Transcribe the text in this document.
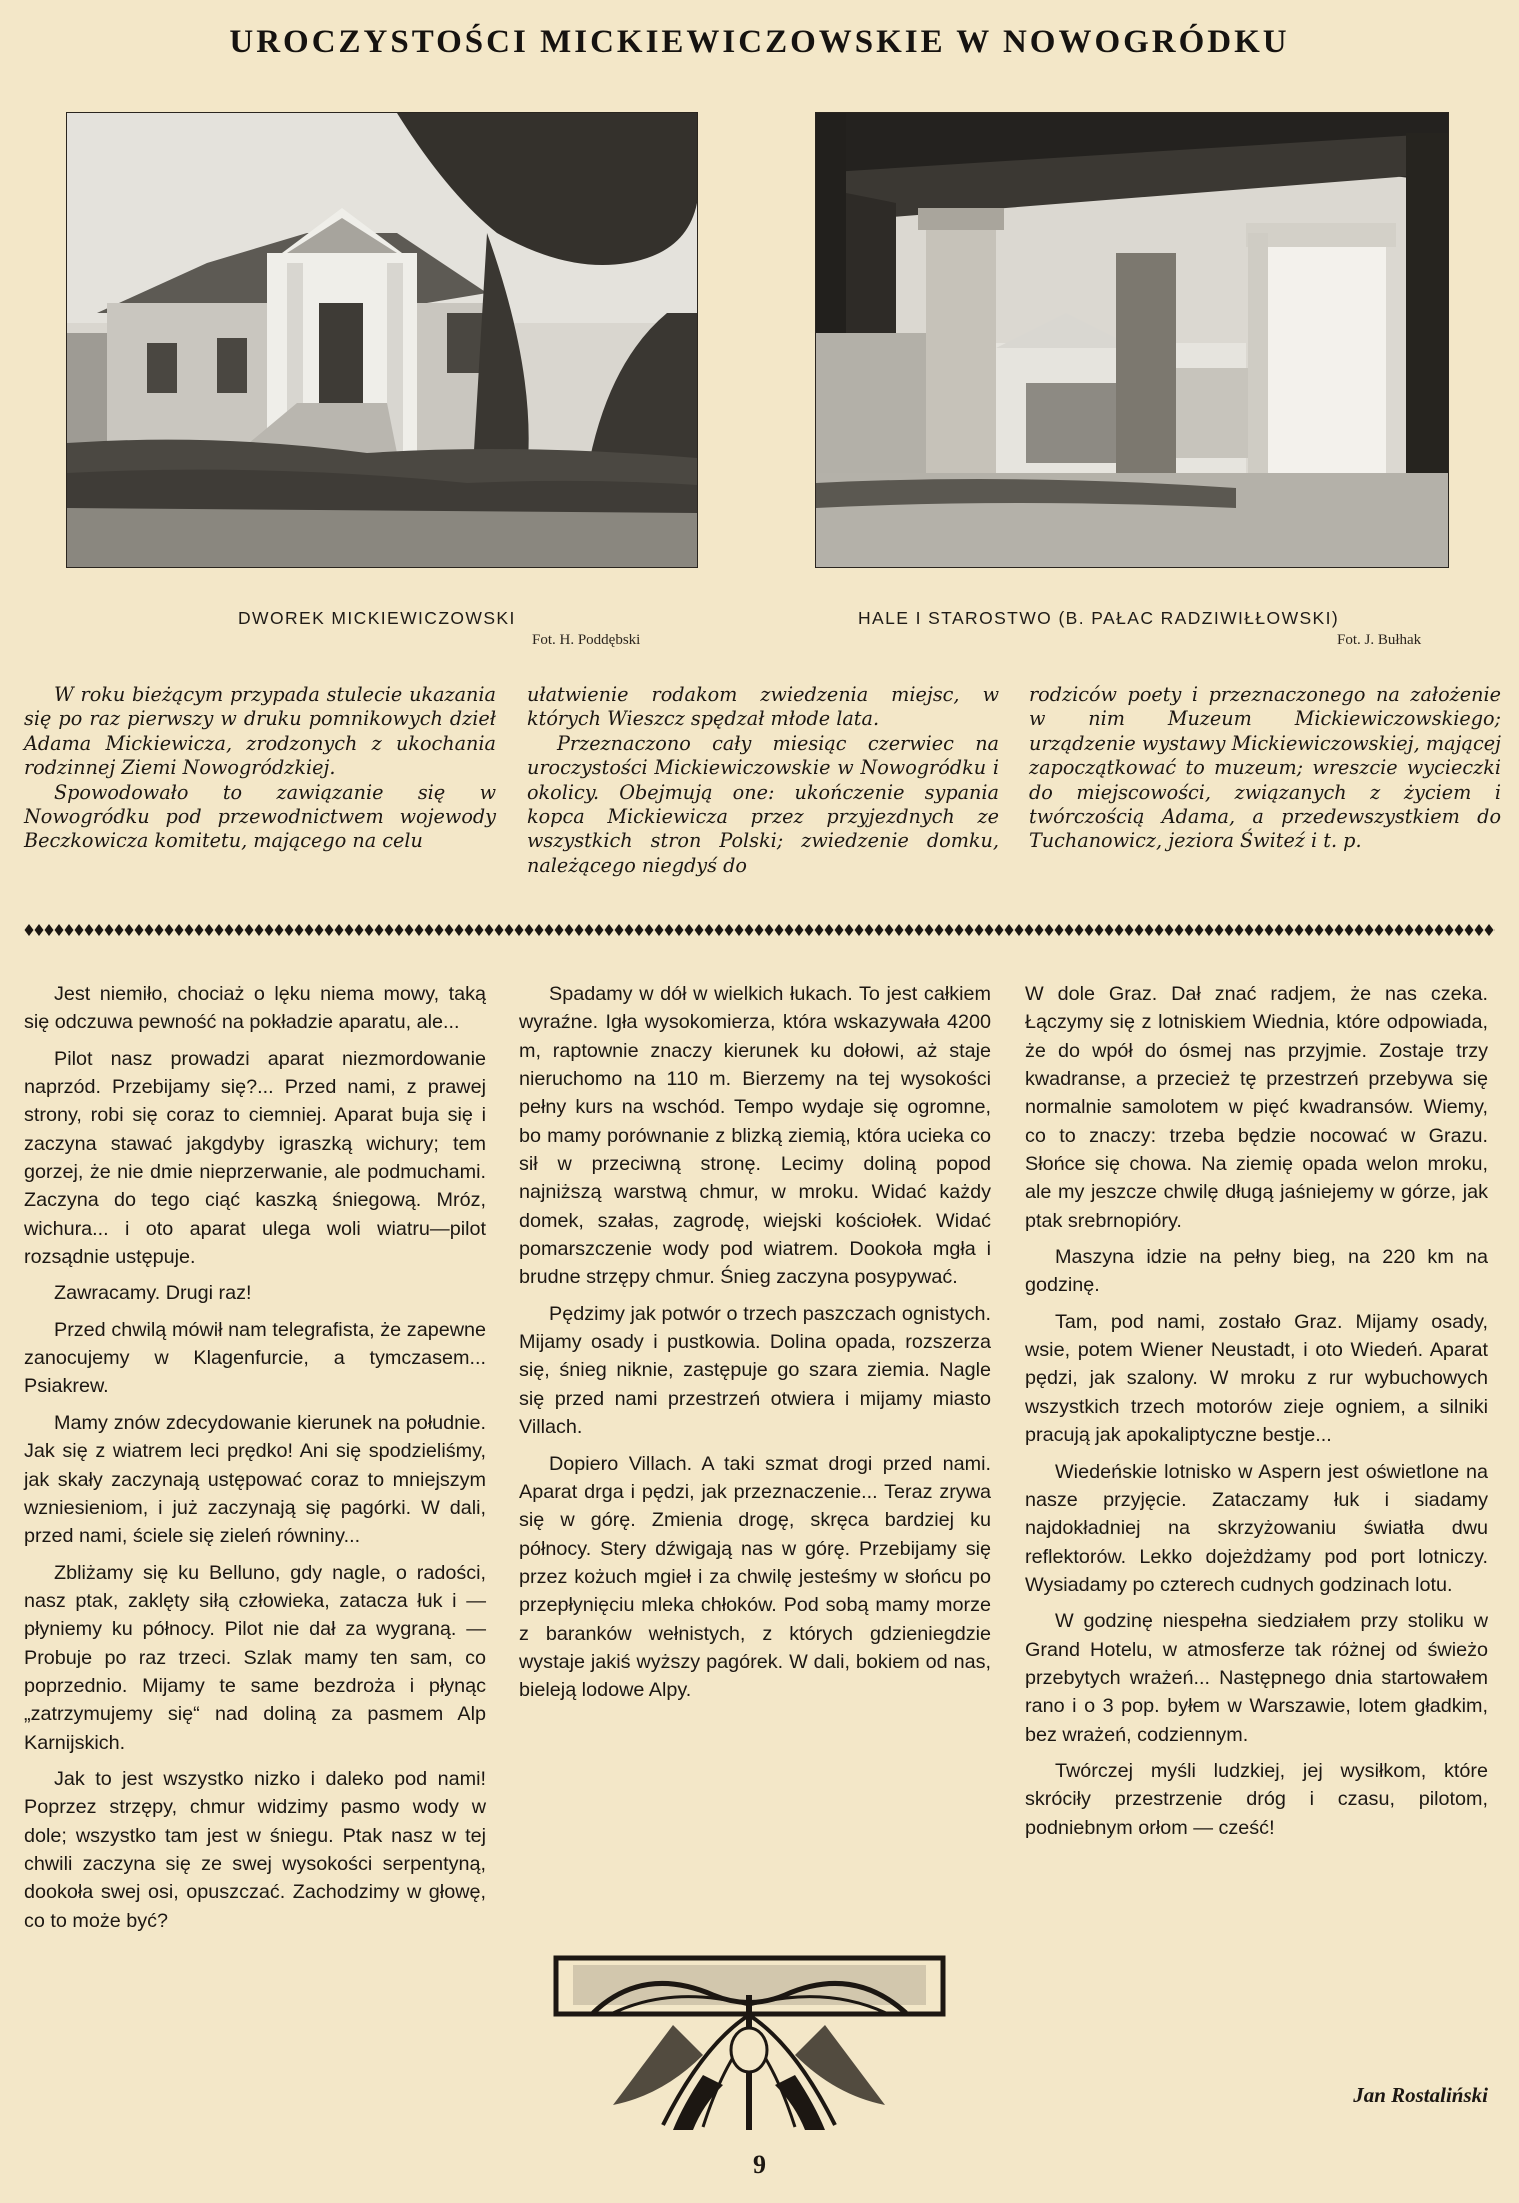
UROCZYSTOŚCI MICKIEWICZOWSKIE W NOWOGRÓDKU
DWOREK MICKIEWICZOWSKI
Fot. H. Poddębski
HALE I STAROSTWO (B. PAŁAC RADZIWIŁŁOWSKI)
Fot. J. Bułhak

W roku bieżącym przypada stulecie ukazania się po raz pierwszy w druku pomnikowych dzieł Adama Mickiewicza, zrodzonych z ukochania rodzinnej Ziemi Nowogródzkiej.

Spowodowało to zawiązanie się w Nowogródku pod przewodnictwem wojewody Beczkowicza komitetu, mającego na celu

ułatwienie rodakom zwiedzenia miejsc, w których Wieszcz spędzał młode lata.

Przeznaczono cały miesiąc czerwiec na uroczystości Mickiewiczowskie w Nowogródku i okolicy. Obejmują one: ukończenie sypania kopca Mickiewicza przez przyjezdnych ze wszystkich stron Polski; zwiedzenie domku, należącego niegdyś do

rodziców poety i przeznaczonego na założenie w nim Muzeum Mickiewiczowskiego; urządzenie wystawy Mickiewiczowskiej, mającej zapoczątkować to muzeum; wreszcie wycieczki do miejscowości, związanych z życiem i twórczością Adama, a przedewszystkiem do Tuchanowicz, jeziora Świteź i t. p.

Jest niemiło, chociaż o lęku niema mowy, taką się odczuwa pewność na pokładzie aparatu, ale...

Pilot nasz prowadzi aparat niezmordowanie naprzód. Przebijamy się?... Przed nami, z prawej strony, robi się coraz to ciemniej. Aparat buja się i zaczyna stawać jakgdyby igraszką wichury; tem gorzej, że nie dmie nieprzerwanie, ale podmuchami. Zaczyna do tego ciąć kaszką śniegową. Mróz, wichura... i oto aparat ulega woli wiatru—pilot rozsądnie ustępuje.

Zawracamy. Drugi raz!

Przed chwilą mówił nam telegrafista, że zapewne zanocujemy w Klagenfurcie, a tymczasem... Psiakrew.

Mamy znów zdecydowanie kierunek na południe. Jak się z wiatrem leci prędko! Ani się spodzieliśmy, jak skały zaczynają ustępować coraz to mniejszym wzniesieniom, i już zaczynają się pagórki. W dali, przed nami, ściele się zieleń równiny...

Zbliżamy się ku Belluno, gdy nagle, o radości, nasz ptak, zaklęty siłą człowieka, zatacza łuk i — płyniemy ku północy. Pilot nie dał za wygraną. — Probuje po raz trzeci. Szlak mamy ten sam, co poprzednio. Mijamy te same bezdroża i płynąc „zatrzymujemy się“ nad doliną za pasmem Alp Karnijskich.

Jak to jest wszystko nizko i daleko pod nami! Poprzez strzępy, chmur widzimy pasmo wody w dole; wszystko tam jest w śniegu. Ptak nasz w tej chwili zaczyna się ze swej wysokości serpentyną, dookoła swej osi, opuszczać. Zachodzimy w głowę, co to może być?

Spadamy w dół w wielkich łukach. To jest całkiem wyraźne. Igła wysokomierza, która wskazywała 4200 m, raptownie znaczy kierunek ku dołowi, aż staje nieruchomo na 110 m. Bierzemy na tej wysokości pełny kurs na wschód. Tempo wydaje się ogromne, bo mamy porównanie z blizką ziemią, która ucieka co sił w przeciwną stronę. Lecimy doliną popod najniższą warstwą chmur, w mroku. Widać każdy domek, szałas, zagrodę, wiejski kościołek. Widać pomarszczenie wody pod wiatrem. Dookoła mgła i brudne strzępy chmur. Śnieg zaczyna posypywać.

Pędzimy jak potwór o trzech paszczach ognistych. Mijamy osady i pustkowia. Dolina opada, rozszerza się, śnieg niknie, zastępuje go szara ziemia. Nagle się przed nami przestrzeń otwiera i mijamy miasto Villach.

Dopiero Villach. A taki szmat drogi przed nami. Aparat drga i pędzi, jak przeznaczenie... Teraz zrywa się w górę. Zmienia drogę, skręca bardziej ku północy. Stery dźwigają nas w górę. Przebijamy się przez kożuch mgieł i za chwilę jesteśmy w słońcu po przepłynięciu mleka chłoków. Pod sobą mamy morze z baranków wełnistych, z których gdzieniegdzie wystaje jakiś wyższy pagórek. W dali, bokiem od nas, bieleją lodowe Alpy.

W dole Graz. Dał znać radjem, że nas czeka. Łączymy się z lotniskiem Wiednia, które odpowiada, że do wpół do ósmej nas przyjmie. Zostaje trzy kwadranse, a przecież tę przestrzeń przebywa się normalnie samolotem w pięć kwadransów. Wiemy, co to znaczy: trzeba będzie nocować w Grazu. Słońce się chowa. Na ziemię opada welon mroku, ale my jeszcze chwilę długą jaśniejemy w górze, jak ptak srebrnopióry.

Maszyna idzie na pełny bieg, na 220 km na godzinę.

Tam, pod nami, zostało Graz. Mijamy osady, wsie, potem Wiener Neustadt, i oto Wiedeń. Aparat pędzi, jak szalony. W mroku z rur wybuchowych wszystkich trzech motorów zieje ogniem, a silniki pracują jak apokaliptyczne bestje...

Wiedeńskie lotnisko w Aspern jest oświetlone na nasze przyjęcie. Zataczamy łuk i siadamy najdokładniej na skrzyżowaniu światła dwu reflektorów. Lekko dojeżdżamy pod port lotniczy. Wysiadamy po czterech cudnych godzinach lotu.

W godzinę niespełna siedziałem przy stoliku w Grand Hotelu, w atmosferze tak różnej od świeżo przebytych wrażeń... Następnego dnia startowałem rano i o 3 pop. byłem w Warszawie, lotem gładkim, bez wrażeń, codziennym.

Twórczej myśli ludzkiej, jej wysiłkom, które skróciły przestrzenie dróg i czasu, pilotom, podniebnym orłom — cześć!

Jan Rostaliński
9
